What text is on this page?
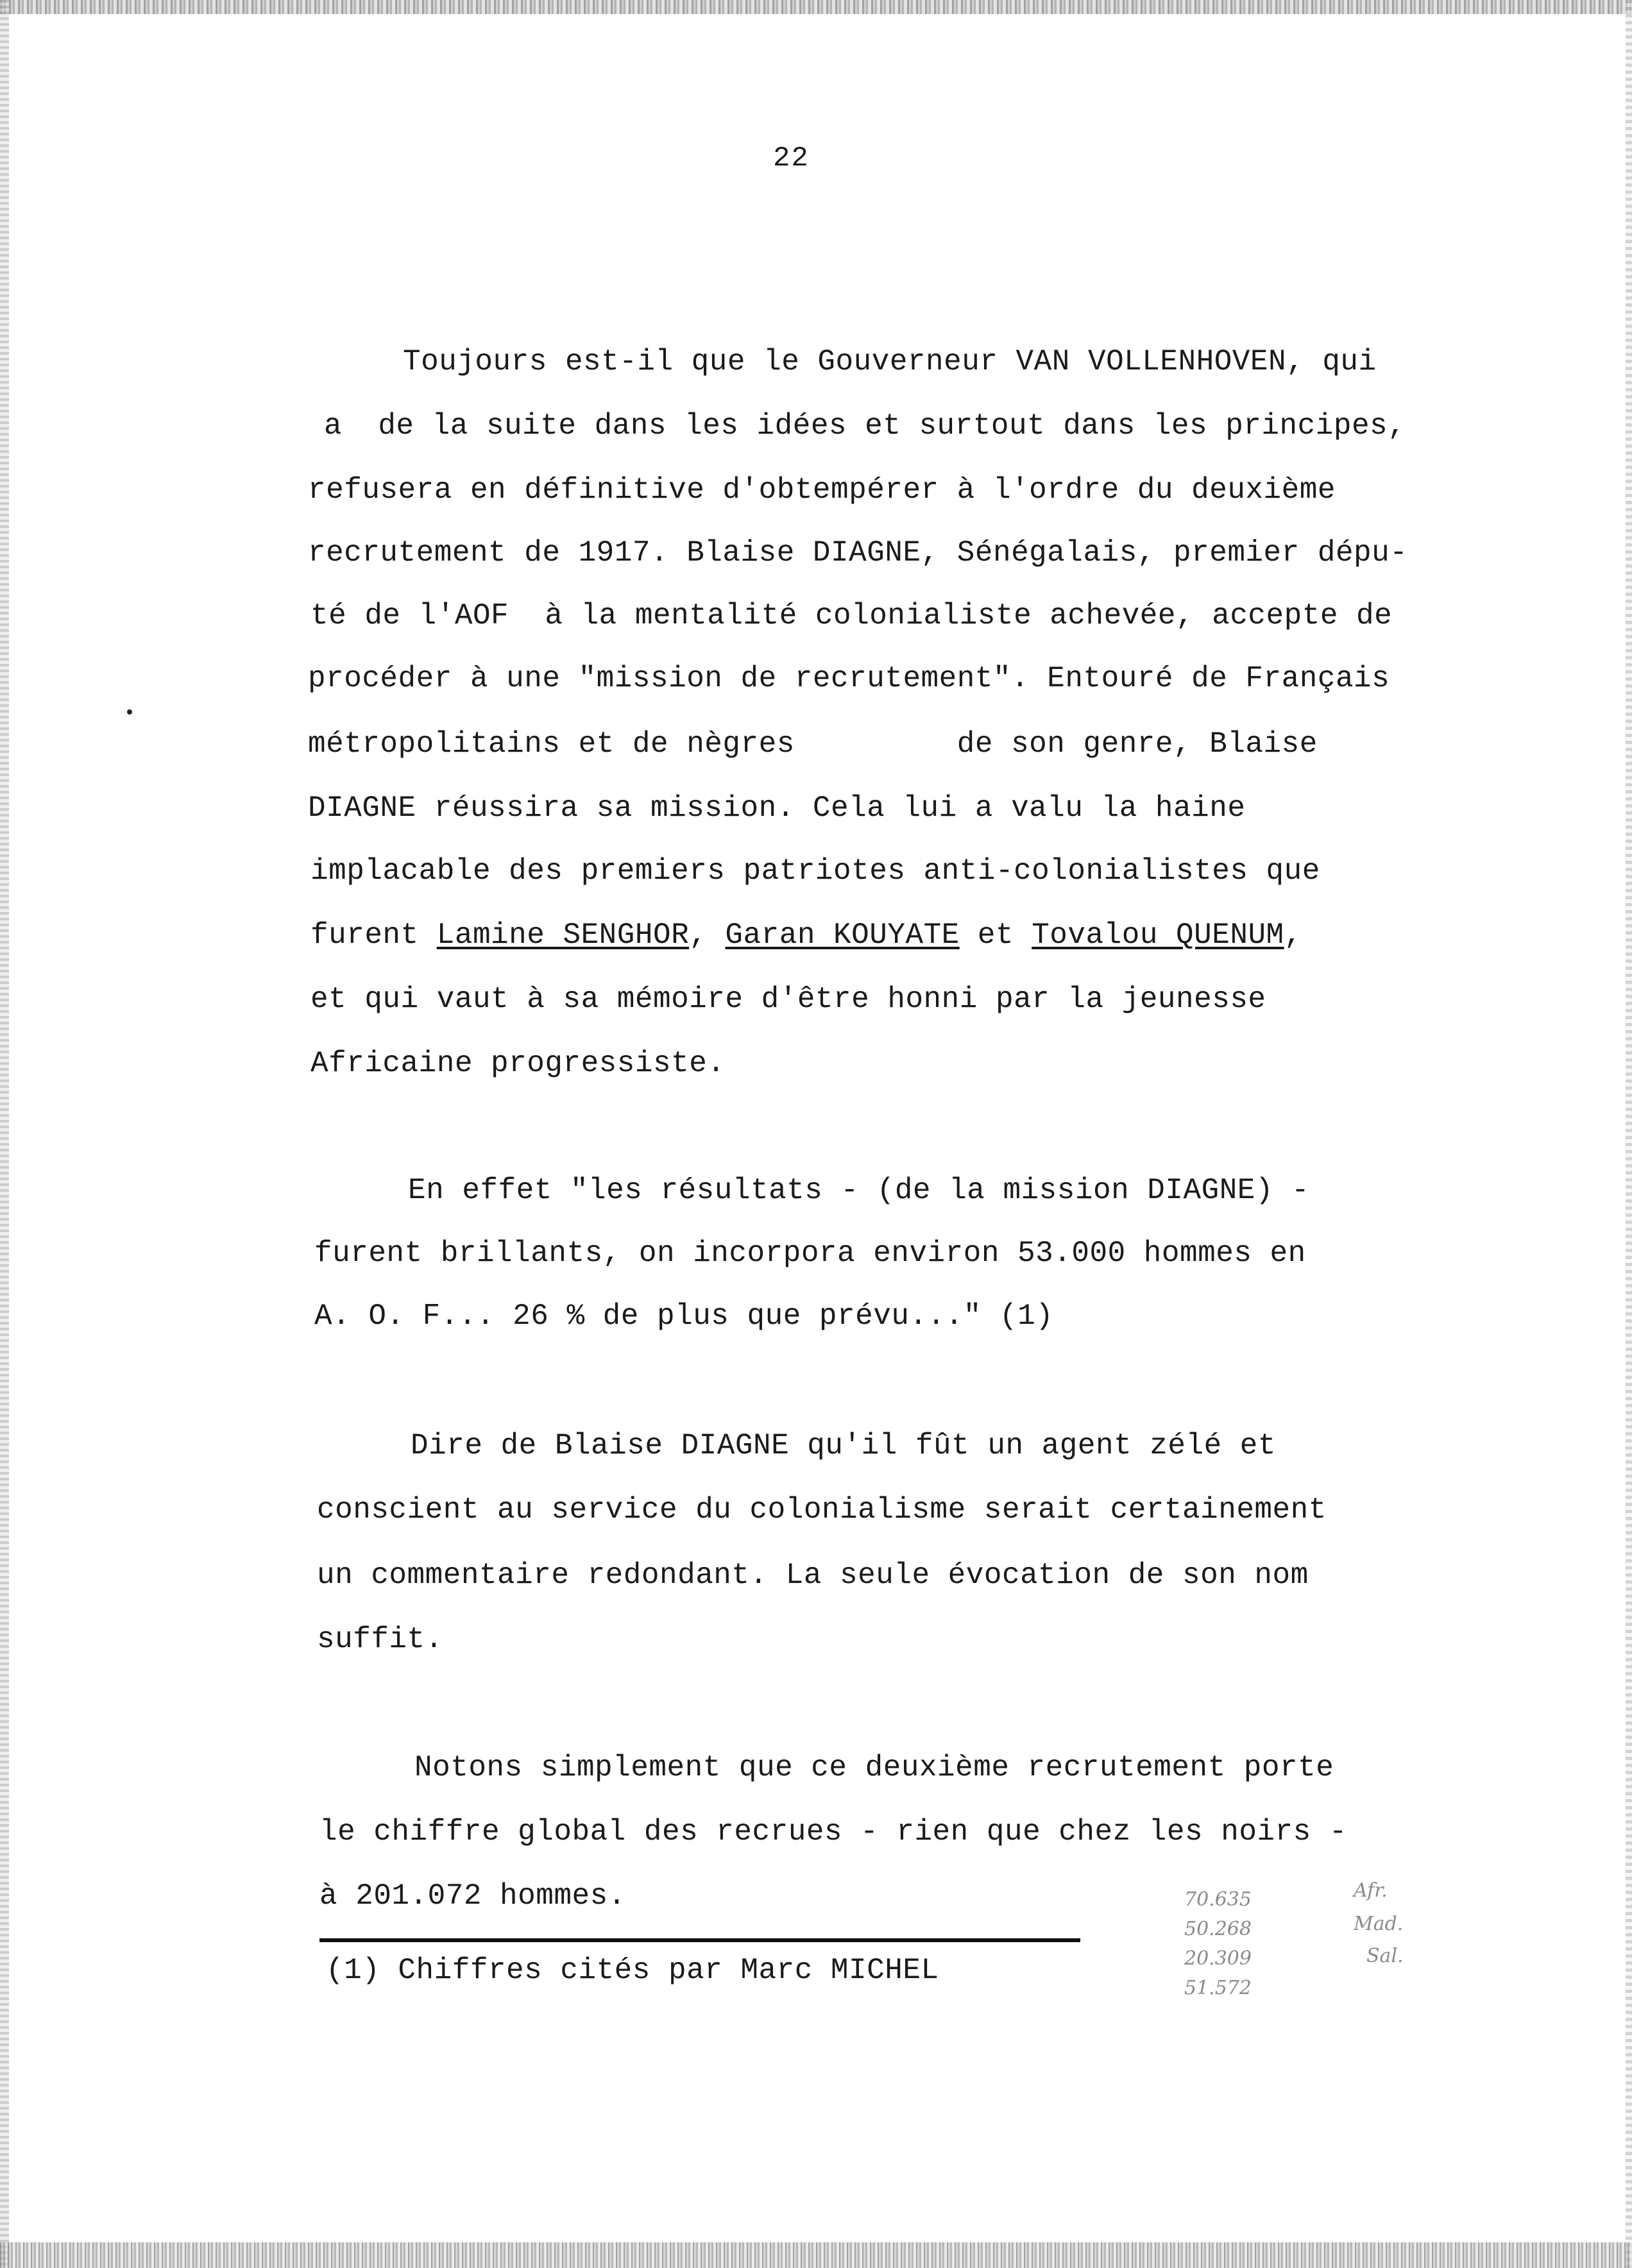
22
Toujours est-il que le Gouverneur VAN VOLLENHOVEN, qui
a  de la suite dans les idées et surtout dans les principes,
refusera en définitive d'obtempérer à l'ordre du deuxième
recrutement de 1917. Blaise DIAGNE, Sénégalais, premier dépu-
té de l'AOF  à la mentalité colonialiste achevée, accepte de
procéder à une "mission de recrutement". Entouré de Français
métropolitains et de nègres         de son genre, Blaise
DIAGNE réussira sa mission. Cela lui a valu la haine
implacable des premiers patriotes anti-colonialistes que
furent Lamine SENGHOR, Garan KOUYATE et Tovalou QUENUM,
et qui vaut à sa mémoire d'être honni par la jeunesse
Africaine progressiste.
En effet "les résultats - (de la mission DIAGNE) -
furent brillants, on incorpora environ 53.000 hommes en
A. O. F... 26 % de plus que prévu..." (1)
Dire de Blaise DIAGNE qu'il fût un agent zélé et
conscient au service du colonialisme serait certainement
un commentaire redondant. La seule évocation de son nom
suffit.
Notons simplement que ce deuxième recrutement porte
le chiffre global des recrues - rien que chez les noirs -
à 201.072 hommes.
(1) Chiffres cités par Marc MICHEL
70.635
50.268
20.309
51.572
Afr.
Mad.
Sal.
